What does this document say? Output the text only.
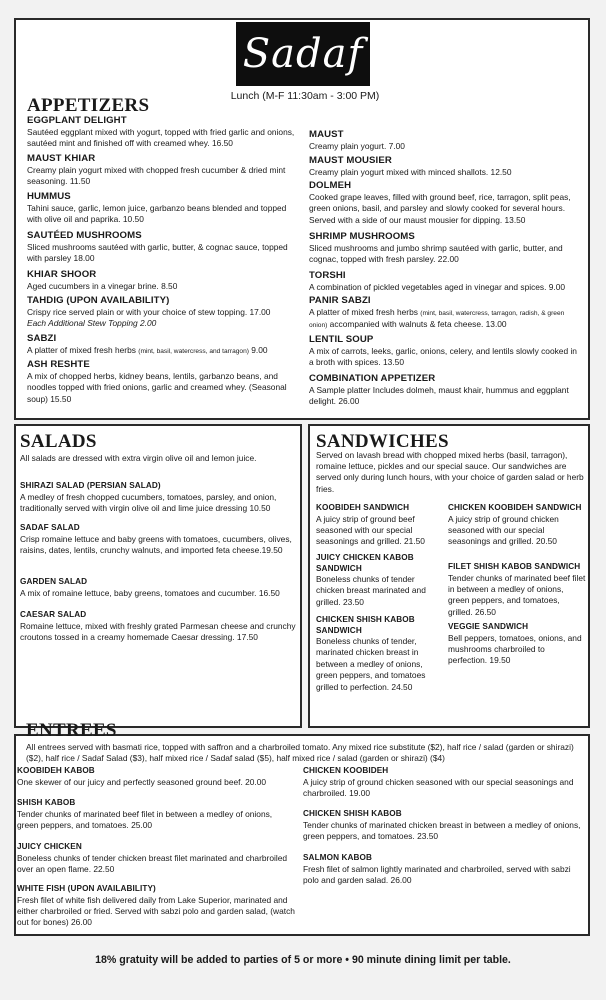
Sadaf
Lunch (M-F 11:30am - 3:00 PM)
APPETIZERS
EGGPLANT DELIGHT
Sautéed eggplant mixed with yogurt, topped with fried garlic and onions, sautéed mint and finished off with creamed whey. 16.50
MAUST KHIAR
Creamy plain yogurt mixed with chopped fresh cucumber & dried mint seasoning. 11.50
HUMMUS
Tahini sauce, garlic, lemon juice, garbanzo beans blended and topped with olive oil and paprika. 10.50
SAUTÉED MUSHROOMS
Sliced mushrooms sautéed with garlic, butter, & cognac sauce, topped with parsley 18.00
KHIAR SHOOR
Aged cucumbers in a vinegar brine. 8.50
TAHDIG (UPON AVAILABILITY)
Crispy rice served plain or with your choice of stew topping. 17.00
Each Additional Stew Topping 2.00
SABZI
A platter of mixed fresh herbs (mint, basil, watercress, and tarragon) 9.00
ASH RESHTE
A mix of chopped herbs, kidney beans, lentils, garbanzo beans, and noodles topped with fried onions, garlic and creamed whey. (Seasonal soup) 15.50
MAUST
Creamy plain yogurt. 7.00
MAUST MOUSIER
Creamy plain yogurt mixed with minced shallots. 12.50
DOLMEH
Cooked grape leaves, filled with ground beef, rice, tarragon, split peas, green onions, basil, and parsley and slowly cooked for several hours. Served with a side of our maust mousier for dipping. 13.50
SHRIMP MUSHROOMS
Sliced mushrooms and jumbo shrimp sautéed with garlic, butter, and cognac, topped with fresh parsley. 22.00
TORSHI
A combination of pickled vegetables aged in vinegar and spices. 9.00
PANIR SABZI
A platter of mixed fresh herbs (mint, basil, watercress, tarragon, radish, & green onion) accompanied with walnuts & feta cheese. 13.00
LENTIL SOUP
A mix of carrots, leeks, garlic, onions, celery, and lentils slowly cooked in a broth with spices. 13.50
COMBINATION APPETIZER
A Sample platter Includes dolmeh, maust khair, hummus and eggplant delight. 26.00
SALADS
All salads are dressed with extra virgin olive oil and lemon juice.
SHIRAZI SALAD (PERSIAN SALAD)
A medley of fresh chopped cucumbers, tomatoes, parsley, and onion, traditionally served with virgin olive oil and lime juice dressing 10.50
SADAF SALAD
Crisp romaine lettuce and baby greens with tomatoes, cucumbers, olives, raisins, dates, lentils, crunchy walnuts, and imported feta cheese.19.50
GARDEN SALAD
A mix of romaine lettuce, baby greens, tomatoes and cucumber. 16.50
CAESAR SALAD
Romaine lettuce, mixed with freshly grated Parmesan cheese and crunchy croutons tossed in a creamy homemade Caesar dressing. 17.50
SANDWICHES
Served on lavash bread with chopped mixed herbs (basil, tarragon), romaine lettuce, pickles and our special sauce. Our sandwiches are served only during lunch hours, with your choice of garden salad or herb fries.
KOOBIDEH SANDWICH
A juicy strip of ground beef seasoned with our special seasonings and grilled. 21.50
JUICY CHICKEN KABOB SANDWICH
Boneless chunks of tender chicken breast marinated and grilled. 23.50
CHICKEN SHISH KABOB SANDWICH
Boneless chunks of tender, marinated chicken breast in between a medley of onions, green peppers, and tomatoes grilled to perfection. 24.50
CHICKEN KOOBIDEH SANDWICH
A juicy strip of ground chicken seasoned with our special seasonings and grilled. 20.50
FILET SHISH KABOB SANDWICH
Tender chunks of marinated beef filet in between a medley of onions, green peppers, and tomatoes, grilled. 26.50
VEGGIE SANDWICH
Bell peppers, tomatoes, onions, and mushrooms charbroiled to perfection. 19.50
ENTREES
All entrees served with basmati rice, topped with saffron and a charbroiled tomato. Any mixed rice substitute ($2), half rice / salad (garden or shirazi) ($2), half rice / Sadaf Salad ($3), half mixed rice / Sadaf salad ($5), half mixed rice / salad (garden or shirazi) ($4)
KOOBIDEH KABOB
One skewer of our juicy and perfectly seasoned ground beef. 20.00
SHISH KABOB
Tender chunks of marinated beef filet in between a medley of onions, green peppers, and tomatoes. 25.00
JUICY CHICKEN
Boneless chunks of tender chicken breast filet marinated and charbroiled over an open flame. 22.50
WHITE FISH (UPON AVAILABILITY)
Fresh filet of white fish delivered daily from Lake Superior, marinated and either charbroiled or fried. Served with sabzi polo and garden salad, (watch out for bones) 26.00
CHICKEN KOOBIDEH
A juicy strip of ground chicken seasoned with our special seasonings and charbroiled. 19.00
CHICKEN SHISH KABOB
Tender chunks of marinated chicken breast in between a medley of onions, green peppers, and tomatoes. 23.50
SALMON KABOB
Fresh filet of salmon lightly marinated and charbroiled, served with sabzi polo and garden salad. 26.00
18% gratuity will be added to parties of 5 or more • 90 minute dining limit per table.
